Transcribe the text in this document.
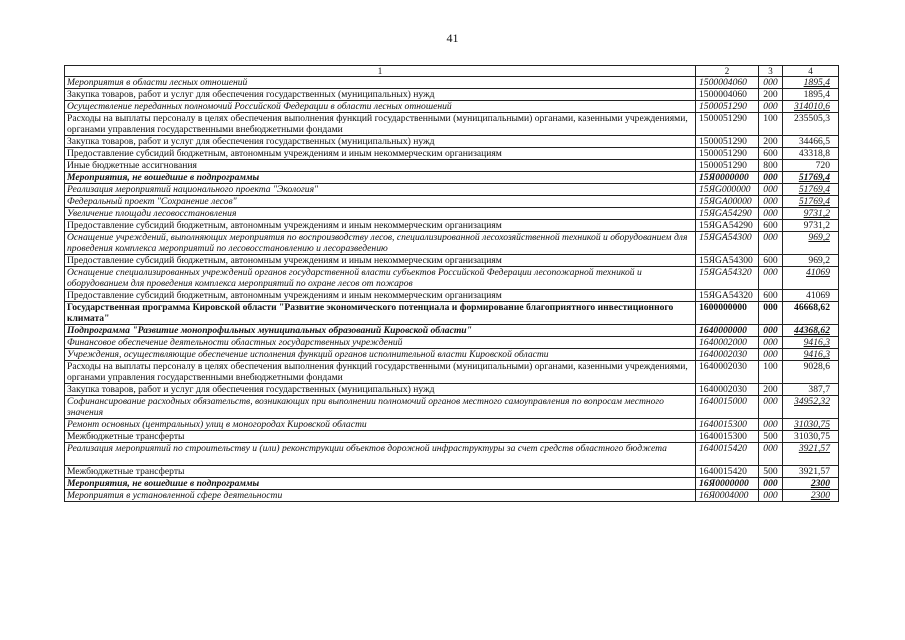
41
1	2	3	4
Мероприятия в области лесных отношений	1500004060	000	1895,4
Закупка товаров, работ и услуг для обеспечения государственных (муниципальных) нужд	1500004060	200	1895,4
Осуществление переданных полномочий Российской Федерации в области лесных отношений	1500051290	000	314010,6
Расходы на выплаты персоналу в целях обеспечения выполнения функций государственными (муниципальными) органами, казенными учреждениями, органами управления государственными внебюджетными фондами	1500051290	100	235505,3
Закупка товаров, работ и услуг для обеспечения государственных (муниципальных) нужд	1500051290	200	34466,5
Предоставление субсидий бюджетным, автономным учреждениям и иным некоммерческим организациям	1500051290	600	43318,8
Иные бюджетные ассигнования	1500051290	800	720
Мероприятия, не вошедшие в подпрограммы	15Я0000000	000	51769,4
Реализация мероприятий национального проекта "Экология"	15ЯG000000	000	51769,4
Федеральный проект "Сохранение лесов"	15ЯGA00000	000	51769,4
Увеличение площади лесовосстановления	15ЯGA54290	000	9731,2
Предоставление субсидий бюджетным, автономным учреждениям и иным некоммерческим организациям	15ЯGA54290	600	9731,2
Оснащение учреждений, выполняющих мероприятия по воспроизводству лесов, специализированной лесохозяйственной техникой и оборудованием для проведения комплекса мероприятий по лесовосстановлению и лесоразведению	15ЯGA54300	000	969,2
Предоставление субсидий бюджетным, автономным учреждениям и иным некоммерческим организациям	15ЯGA54300	600	969,2
Оснащение специализированных учреждений органов государственной власти субъектов Российской Федерации лесопожарной техникой и оборудованием для проведения комплекса мероприятий по охране лесов от пожаров	15ЯGA54320	000	41069
Предоставление субсидий бюджетным, автономным учреждениям и иным некоммерческим организациям	15ЯGA54320	600	41069
Государственная программа Кировской области "Развитие экономического потенциала и формирование благоприятного инвестиционного климата"	1600000000	000	46668,62
Подпрограмма "Развитие монопрофильных муниципальных образований Кировской области"	1640000000	000	44368,62
Финансовое обеспечение деятельности областных государственных учреждений	1640002000	000	9416,3
Учреждения, осуществляющие обеспечение исполнения функций органов исполнительной власти Кировской области	1640002030	000	9416,3
Расходы на выплаты персоналу в целях обеспечения выполнения функций государственными (муниципальными) органами, казенными учреждениями, органами управления государственными внебюджетными фондами	1640002030	100	9028,6
Закупка товаров, работ и услуг для обеспечения государственных (муниципальных) нужд	1640002030	200	387,7
Софинансирование расходных обязательств, возникающих при выполнении полномочий органов местного самоуправления по вопросам местного значения	1640015000	000	34952,32
Ремонт основных (центральных) улиц в моногородах Кировской области	1640015300	000	31030,75
Межбюджетные трансферты	1640015300	500	31030,75
Реализация мероприятий по строительству и (или) реконструкции объектов дорожной инфраструктуры за счет средств областного бюджета	1640015420	000	3921,57
Межбюджетные трансферты	1640015420	500	3921,57
Мероприятия, не вошедшие в подпрограммы	16Я0000000	000	2300
Мероприятия в установленной сфере деятельности	16Я0004000	000	2300
